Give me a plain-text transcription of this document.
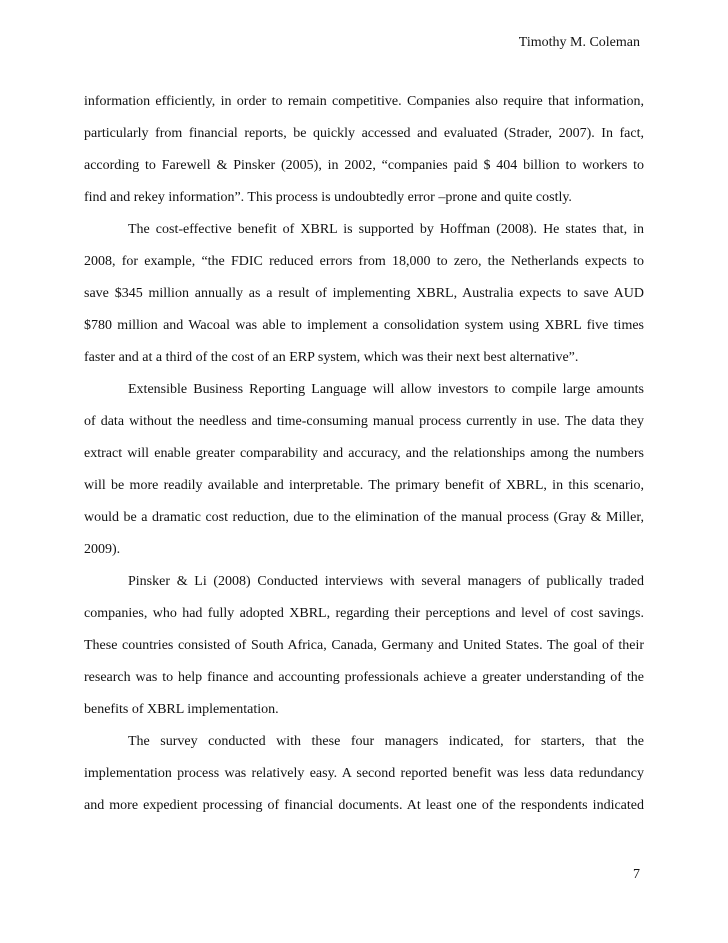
Timothy M. Coleman

information efficiently, in order to remain competitive. Companies also require that information,
particularly from financial reports, be quickly accessed and evaluated (Strader, 2007). In fact,
according to Farewell & Pinsker (2005), in 2002, “companies paid $ 404 billion to workers to
find and rekey information”. This process is undoubtedly error –prone and quite costly.

The cost-effective benefit of XBRL is supported by Hoffman (2008). He states that, in
2008, for example, “the FDIC reduced errors from 18,000 to zero, the Netherlands expects to
save $345 million annually as a result of implementing XBRL, Australia expects to save AUD
$780 million and Wacoal was able to implement a consolidation system using XBRL five times
faster and at a third of the cost of an ERP system, which was their next best alternative”.

Extensible Business Reporting Language will allow investors to compile large amounts
of data without the needless and time-consuming manual process currently in use. The data they
extract will enable greater comparability and accuracy, and the relationships among the numbers
will be more readily available and interpretable. The primary benefit of XBRL, in this scenario,
would be a dramatic cost reduction, due to the elimination of the manual process (Gray & Miller,
2009).

Pinsker & Li (2008) Conducted interviews with several managers of publically traded
companies, who had fully adopted XBRL, regarding their perceptions and level of cost savings.
These countries consisted of South Africa, Canada, Germany and United States. The goal of their
research was to help finance and accounting professionals achieve a greater understanding of the
benefits of XBRL implementation.

The survey conducted with these four managers indicated, for starters, that the
implementation process was relatively easy. A second reported benefit was less data redundancy
and more expedient processing of financial documents. At least one of the respondents indicated

7
